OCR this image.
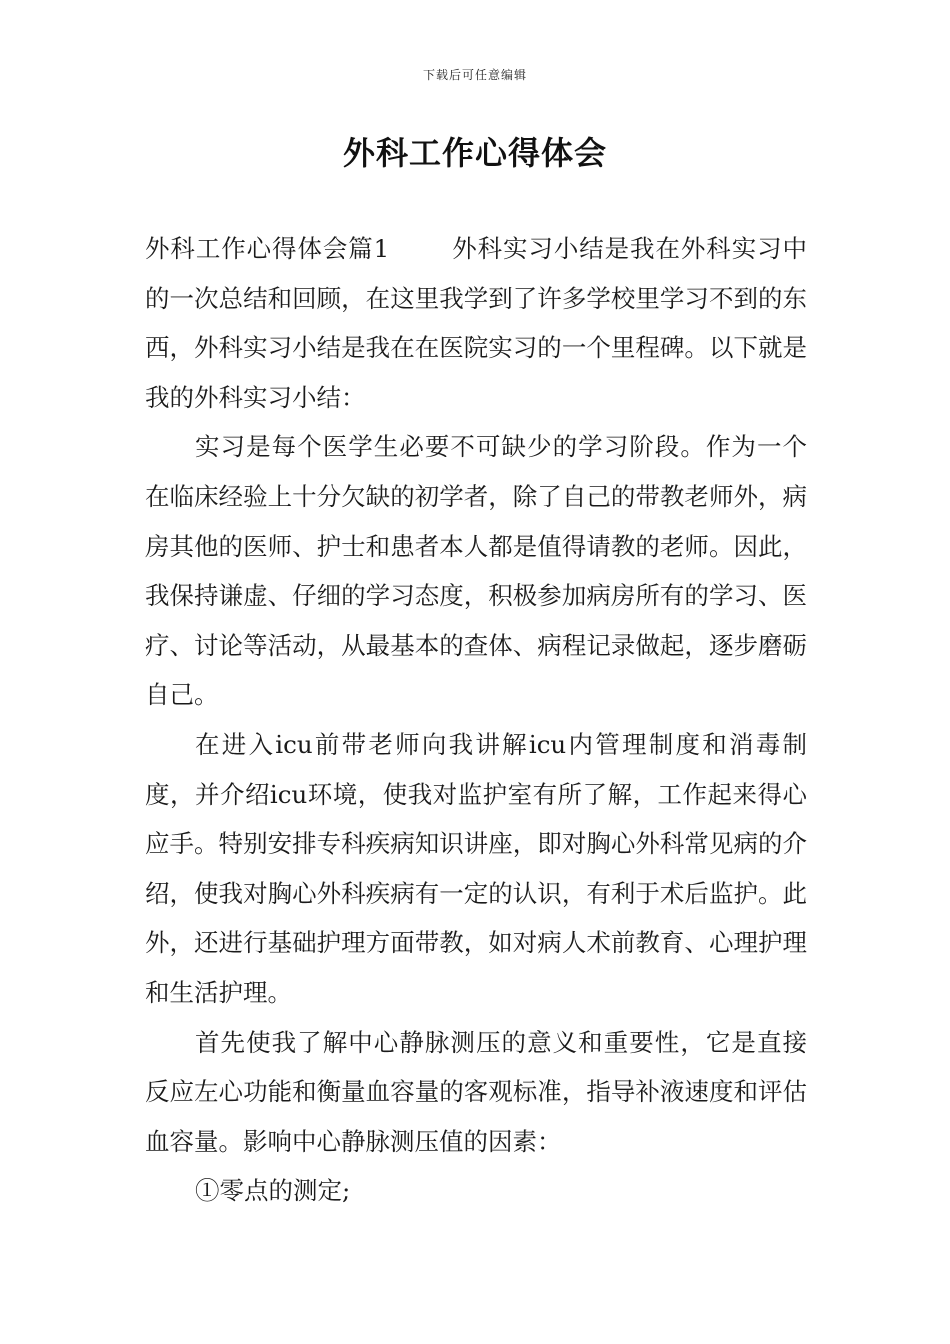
下载后可任意编辑
外科工作心得体会

外科工作心得体会篇1	外科实习小结是我在外科实习中的一次总结和回顾，在这里我学到了许多学校里学习不到的东西，外科实习小结是我在在医院实习的一个里程碑。以下就是我的外科实习小结：

实习是每个医学生必要不可缺少的学习阶段。作为一个在临床经验上十分欠缺的初学者，除了自己的带教老师外，病房其他的医师、护士和患者本人都是值得请教的老师。因此，我保持谦虚、仔细的学习态度，积极参加病房所有的学习、医疗、讨论等活动，从最基本的查体、病程记录做起，逐步磨砺自己。

在进入icu前带老师向我讲解icu内管理制度和消毒制度，并介绍icu环境，使我对监护室有所了解，工作起来得心应手。特别安排专科疾病知识讲座，即对胸心外科常见病的介绍，使我对胸心外科疾病有一定的认识，有利于术后监护。此外，还进行基础护理方面带教，如对病人术前教育、心理护理和生活护理。

首先使我了解中心静脉测压的意义和重要性，它是直接反应左心功能和衡量血容量的客观标准，指导补液速度和评估血容量。影响中心静脉测压值的因素：

①零点的测定;
